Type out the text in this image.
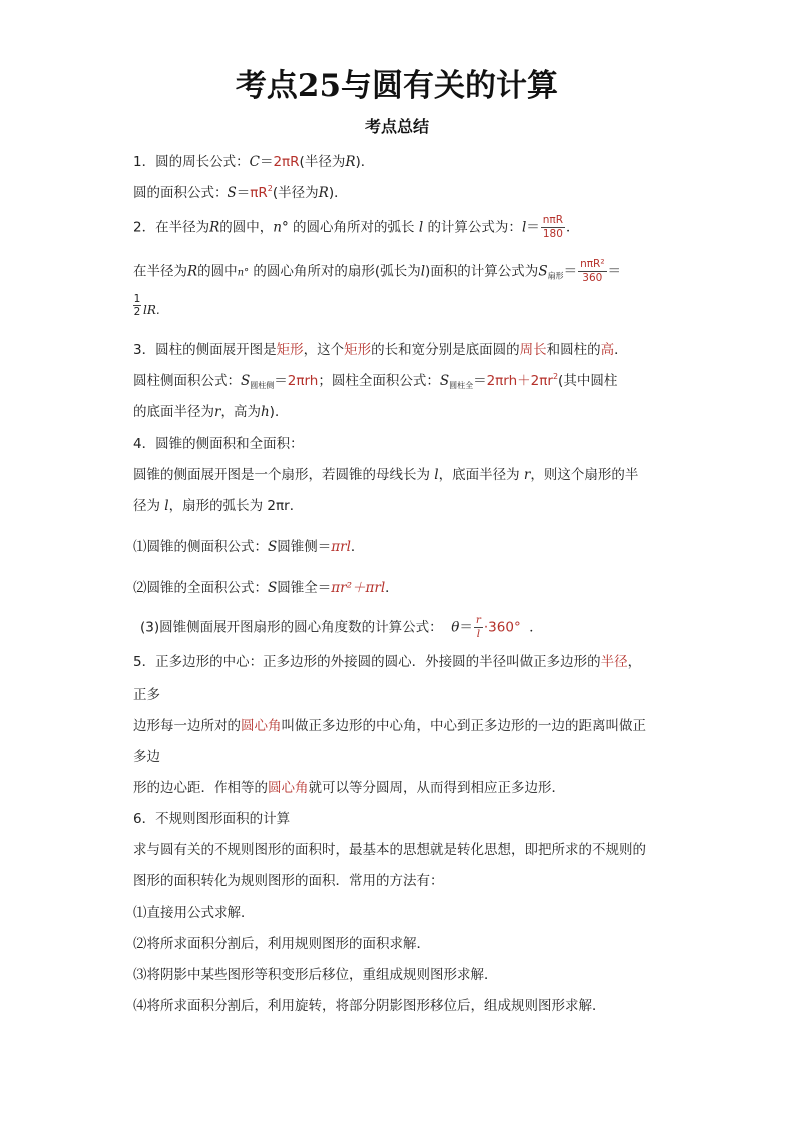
考点25与圆有关的计算
考点总结
1．圆的周长公式：C＝2πR(半径为R)．
圆的面积公式：$S=\pi R^2$(半径为R)．
2．在半径为R的圆中，n° 的圆心角所对的弧长 l 的计算公式为：$l= \frac{\text{nπR}}{180}$ ．
在半径为R的圆中n° 的圆心角所对的扇形(弧长为l)面积的计算公式为$S_{扇形}= \frac{\text{nπR²}}{360}$ ＝
$\frac{1}{2}$ lR.
3．圆柱的侧面展开图是矩形，这个矩形的长和宽分别是底面圆的周长和圆柱的高．
圆柱侧面积公式：$S_{圆柱侧}=2\pi rh$；圆柱全面积公式：$S_{圆柱全}=2\pi rh+2\pi r^2$(其中圆柱
的底面半径为r，高为h)．
4．圆锥的侧面积和全面积：
圆锥的侧面展开图是一个扇形，若圆锥的母线长为 l，底面半径为 r，则这个扇形的半
径为 l，扇形的弧长为 2πr．
⑴圆锥的侧面积公式：S圆锥侧＝πrl．
⑵圆锥的全面积公式：S圆锥全＝πr²＋πrl．
(3)圆锥侧面展开图扇形的圆心角度数的计算公式： $\theta= \frac{r}{l} \cdot 360^\circ$ ．
5．正多边形的中心：正多边形的外接圆的圆心．外接圆的半径叫做正多边形的半径，
正多
边形每一边所对的圆心角叫做正多边形的中心角，中心到正多边形的一边的距离叫做正
多边
形的边心距．作相等的圆心角就可以等分圆周，从而得到相应正多边形．
6．不规则图形面积的计算
求与圆有关的不规则图形的面积时，最基本的思想就是转化思想，即把所求的不规则的
图形的面积转化为规则图形的面积．常用的方法有：
⑴直接用公式求解．
⑵将所求面积分割后，利用规则图形的面积求解．
⑶将阴影中某些图形等积变形后移位，重组成规则图形求解．
⑷将所求面积分割后，利用旋转，将部分阴影图形移位后，组成规则图形求解．
